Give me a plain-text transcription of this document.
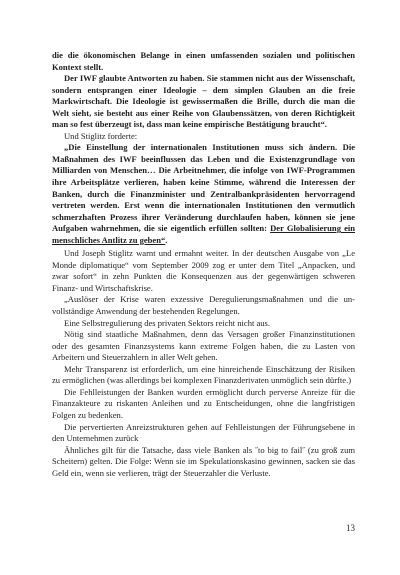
die die ökonomischen Belange in einen umfassenden sozialen und politischen Kontext stellt.

Der IWF glaubte Antworten zu haben. Sie stammen nicht aus der Wissenschaft, sondern entsprangen einer Ideologie – dem simplen Glauben an die freie Markwirtschaft. Die Ideologie ist gewissermaßen die Brille, durch die man die Welt sieht, sie besteht aus einer Reihe von Glaubenssätzen, von deren Richtigkeit man so fest überzeugt ist, dass man keine empirische Bestätigung braucht“.

Und Stiglitz forderte:

„Die Einstellung der internationalen Institutionen muss sich ändern. Die Maßnahmen des IWF beeinflussen das Leben und die Existenzgrundlage von Milliarden von Menschen… Die Arbeitnehmer, die infolge von IWF-Programmen ihre Arbeitsplätze verlieren, haben keine Stimme, während die Interessen der Banken, durch die Finanzminister und Zentralbankpräsidenten hervorragend vertreten werden. Erst wenn die internationalen Institutionen den vermutlich schmerzhaften Prozess ihrer Veränderung durchlaufen haben, können sie jene Aufgaben wahrnehmen, die sie eigentlich erfüllen sollten: Der Globalisierung ein menschliches Antlitz zu geben“.

Und Joseph Stiglitz warnt und ermahnt weiter. In der deutschen Ausgabe von „Le Monde diplomatique“ vom September 2009 zog er unter dem Titel „Anpacken, und zwar sofort“ in zehn Punkten die Konsequenzen aus der gegenwärtigen schweren Finanz- und Wirtschaftskrise.

„Auslöser der Krise waren exzessive Deregulierungsmaßnahmen und die unvollständige Anwendung der bestehenden Regelungen.

Eine Selbstregulierung des privaten Sektors reicht nicht aus.

Nötig sind staatliche Maßnahmen, denn das Versagen großer Finanzinstitutionen oder des gesamten Finanzsystems kann extreme Folgen haben, die zu Lasten von Arbeitern und Steuerzahlern in aller Welt gehen.

Mehr Transparenz ist erforderlich, um eine hinreichende Einschätzung der Risiken zu ermöglichen (was allerdings bei komplexen Finanzderivaten unmöglich sein dürfte.)

Die Fehlleistungen der Banken wurden ermöglicht durch perverse Anreize für die Finanzakteure zu riskanten Anleihen und zu Entscheidungen, ohne die langfristigen Folgen zu bedenken.

Die pervertierten Anreizstrukturen gehen auf Fehlleistungen der Führungsebene in den Unternehmen zurück

Ähnliches gilt für die Tatsache, dass viele Banken als ˝to big to fail˝ (zu groß zum Scheitern) gelten. Die Folge: Wenn sie im Spekulationskasino gewinnen, sacken sie das Geld ein, wenn sie verlieren, trägt der Steuerzahler die Verluste.

13
